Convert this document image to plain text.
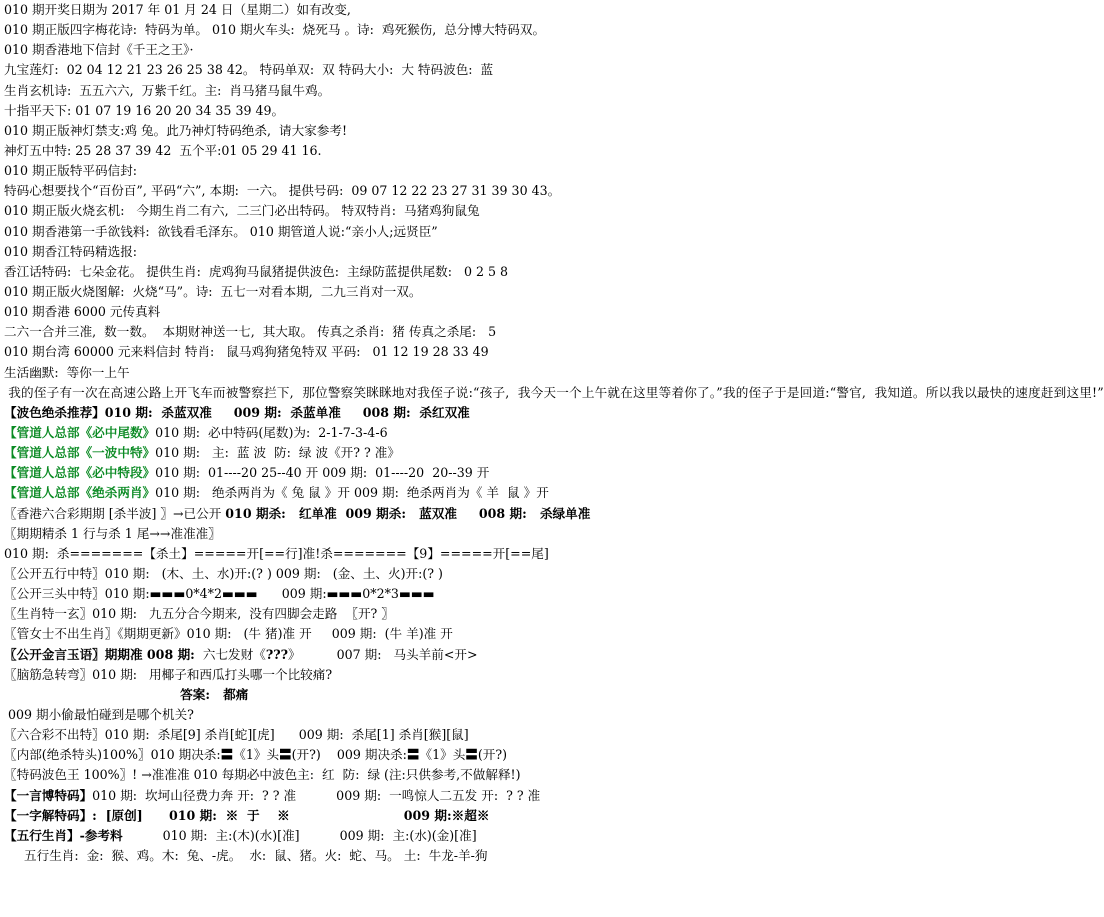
010 期开奖日期为 2017 年 01 月 24 日（星期二）如有改变,
010 期正版四字梅花诗:  特码为单。 010 期火车头:  烧死马 。诗:  鸡死猴伤,  总分博大特码双。
010 期香港地下信封《千王之王》·
九宝莲灯:  02 04 12 21 23 26 25 38 42。 特码单双:  双 特码大小:  大 特码波色:  蓝
生肖玄机诗:  五五六六,  万紫千红。主:  肖马猪马鼠牛鸡。
十指平天下: 01 07 19 16 20 20 34 35 39 49。
010 期正版神灯禁支:鸡 兔。此乃神灯特码绝杀,  请大家参考!
神灯五中特: 25 28 37 39 42  五个平:01 05 29 41 16.
010 期正版特平码信封:
特码心想要找个“百份百”, 平码“六”, 本期:  一六。 提供号码:  09 07 12 22 23 27 31 39 30 43。
010 期正版火烧玄机:   今期生肖二有六,  二三门必出特码。 特双特肖:  马猪鸡狗鼠兔
010 期香港第一手欲钱料:  欲钱看毛泽东。 010 期管道人说:“亲小人;远贤臣”
010 期香江特码精选报:
香江话特码:  七朵金花。 提供生肖:  虎鸡狗马鼠猪提供波色:  主绿防蓝提供尾数:   0 2 5 8
010 期正版火烧图解:  火烧“马”。诗:  五七一对看本期,  二九三肖对一双。
010 期香港 6000 元传真料
二六一合并三准,  数一数。  本期财神送一七,  其大取。 传真之杀肖:  猪 传真之杀尾:   5
010 期台湾 60000 元来料信封 特肖:   鼠马鸡狗猪兔特双 平码:   01 12 19 28 33 49
生活幽默:  等你一上午
我的侄子有一次在高速公路上开飞车而被警察拦下,  那位警察笑眯眯地对我侄子说:“孩子,  我今天一个上午就在这里等着你了。”我的侄子于是回道:“警官,  我知道。所以我以最快的速度赶到这里!”
【波色绝杀推荐】010 期:  杀蓝双准     009 期:  杀蓝单准     008 期:  杀红双准
【管道人总部《必中尾数》010 期:  必中特码(尾数)为:  2-1-7-3-4-6
【管道人总部《一波中特》010 期:   主:  蓝 波  防:  绿 波《开? ? 准》
【管道人总部《必中特段》010 期:  01----20 25--40 开 009 期:  01----20  20--39 开
【管道人总部《绝杀两肖》010 期:   绝杀两肖为《 兔 鼠 》开 009 期:  绝杀两肖为《 羊  鼠 》开
〖香港六合彩期期 [杀半波] 〗→已公开 010 期杀:   红单准  009 期杀:   蓝双准     008 期:   杀绿单准
〖期期精杀 1 行与杀 1 尾→→准准准〗
010 期:  杀=======【杀土】=====开[==行]准!杀=======【9】=====开[==尾]
〖公开五行中特〗010 期:   (木、土、水)开:(? ) 009 期:   (金、土、火)开:(? )
〖公开三头中特〗010 期:▬▬▬0*4*2▬▬▬      009 期:▬▬▬0*2*3▬▬▬
〖生肖特一玄〗010 期:   九五分合今期来,  没有四脚会走路  〖开? 〗
〖管女士不出生肖〗《期期更新》010 期:   (牛 猪)准 开     009 期:  (牛 羊)准 开
〖公开金言玉语〗期期准 008 期:  六七发财《???》         007 期:   马头羊前<开>
〖脑筋急转弯〗010 期:   用椰子和西瓜打头哪一个比较痛?
答案:   都痛
009 期小偷最怕碰到是哪个机关?
〖六合彩不出特〗010 期:  杀尾[9] 杀肖[蛇][虎]      009 期:  杀尾[1] 杀肖[猴][鼠]
〖内部(绝杀特头)100%〗010 期决杀:〓《1》头〓(开?)    009 期决杀:〓《1》头〓(开?)
〖特码波色王 100%〗! →准准准 010 每期必中波色主:  红  防:  绿 (注:只供参考,不做解释!)
【一言博特码】010 期:  坎坷山径费力奔 开:  ? ? 准          009 期:  一鸣惊人二五发 开:  ? ? 准
【一字解特码】:  [原创]      010 期:  ※  于    ※                          009 期:※超※
【五行生肖】-参考料          010 期:  主:(木)(水)[准]          009 期:  主:(水)(金)[准]
五行生肖:  金:  猴、鸡。木:  兔、-虎。  水:  鼠、猪。火:  蛇、马。 土:  牛龙-羊-狗
